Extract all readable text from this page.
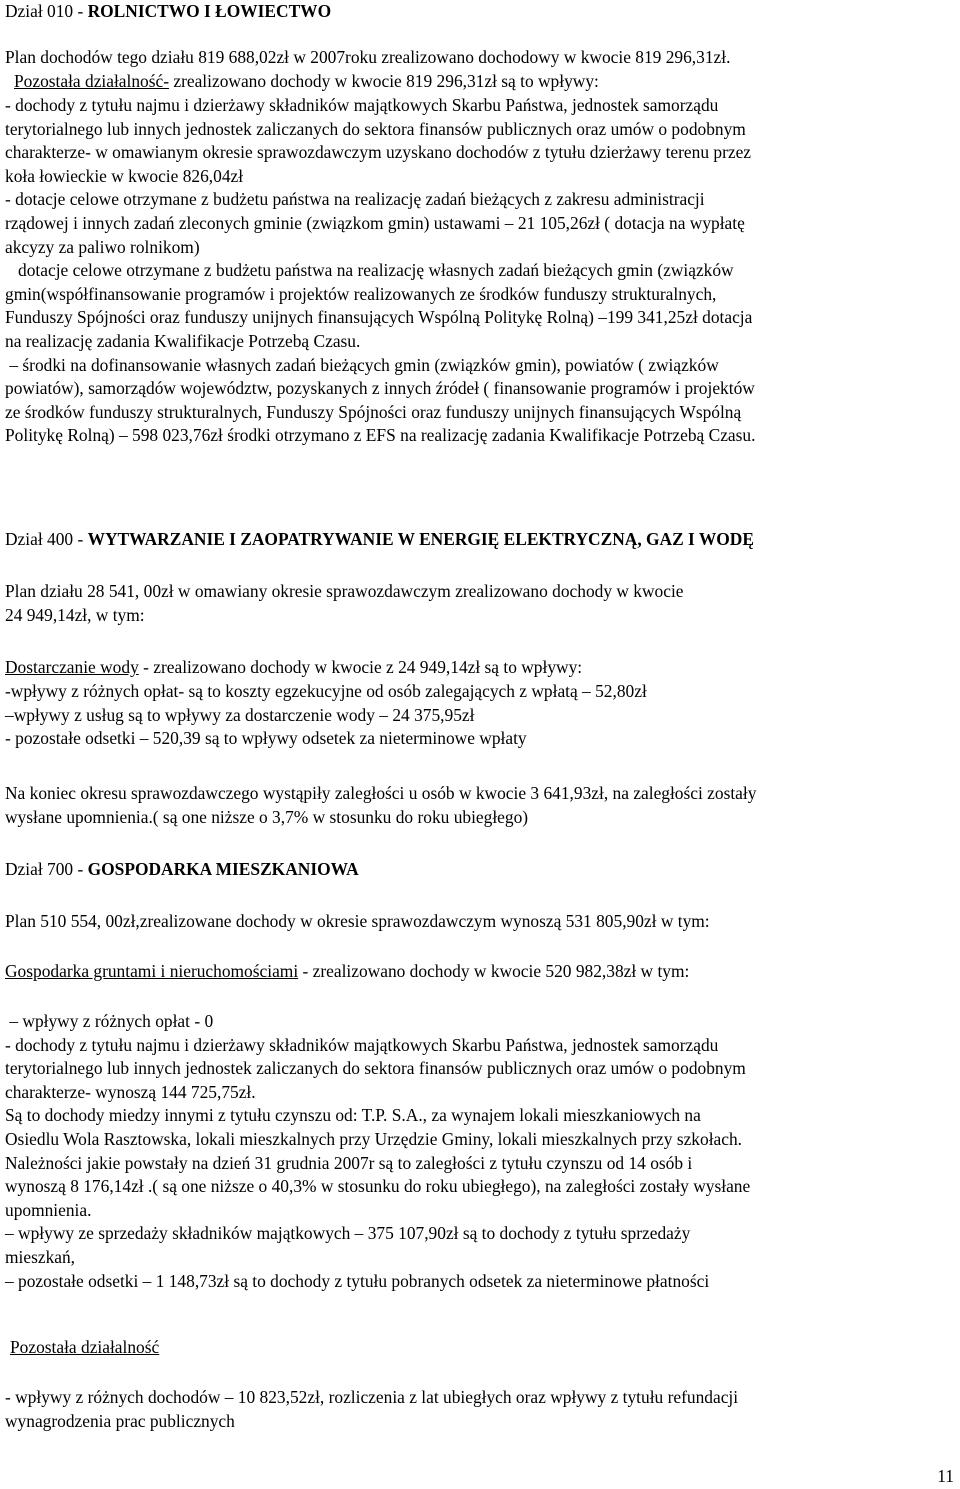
Dział 010 - ROLNICTWO I ŁOWIECTWO
Plan dochodów tego działu 819 688,02zł w 2007roku zrealizowano dochodowy w kwocie 819 296,31zł.
Pozostała działalność- zrealizowano dochody w kwocie 819 296,31zł są to wpływy:
- dochody z tytułu najmu i dzierżawy składników majątkowych Skarbu Państwa, jednostek samorządu
terytorialnego lub innych jednostek zaliczanych do sektora finansów publicznych oraz umów o podobnym
charakterze- w omawianym okresie sprawozdawczym uzyskano dochodów z tytułu dzierżawy terenu przez
koła łowieckie w kwocie 826,04zł
- dotacje celowe otrzymane z budżetu państwa na realizację zadań bieżących z zakresu administracji
rządowej i innych zadań zleconych gminie (związkom gmin) ustawami – 21 105,26zł ( dotacja na wypłatę
akcyzy za paliwo rolnikom)
dotacje celowe otrzymane z budżetu państwa na realizację własnych zadań bieżących gmin (związków
gmin(współfinansowanie programów i projektów realizowanych ze środków funduszy strukturalnych,
Funduszy Spójności oraz funduszy unijnych finansujących Wspólną Politykę Rolną) –199 341,25zł dotacja
na realizację zadania Kwalifikacje Potrzebą Czasu.
– środki na dofinansowanie własnych zadań bieżących gmin (związków gmin), powiatów ( związków
powiatów), samorządów województw, pozyskanych z innych źródeł ( finansowanie programów i projektów
ze środków funduszy strukturalnych, Funduszy Spójności oraz funduszy unijnych finansujących Wspólną
Politykę Rolną) – 598 023,76zł środki otrzymano z EFS na realizację zadania Kwalifikacje Potrzebą Czasu.
Dział 400 - WYTWARZANIE I ZAOPATRYWANIE W ENERGIĘ ELEKTRYCZNĄ, GAZ I WODĘ
Plan działu 28 541, 00zł w omawiany okresie sprawozdawczym zrealizowano dochody w kwocie
24 949,14zł, w tym:
Dostarczanie wody - zrealizowano dochody w kwocie z 24 949,14zł są to wpływy:
-wpływy z różnych opłat- są to koszty egzekucyjne od osób zalegających z wpłatą – 52,80zł
–wpływy z usług są to wpływy za dostarczenie wody – 24 375,95zł
- pozostałe odsetki – 520,39 są to wpływy odsetek za nieterminowe wpłaty
Na koniec okresu sprawozdawczego wystąpiły zaległości u osób w kwocie 3 641,93zł, na zaległości zostały
wysłane upomnienia.( są one niższe o 3,7% w stosunku do roku ubiegłego)
Dział 700 - GOSPODARKA MIESZKANIOWA
Plan 510 554, 00zł,zrealizowane dochody w okresie sprawozdawczym wynoszą 531 805,90zł w tym:
Gospodarka gruntami i nieruchomościami - zrealizowano dochody w kwocie 520 982,38zł w tym:
– wpływy z różnych opłat - 0
- dochody z tytułu najmu i dzierżawy składników majątkowych Skarbu Państwa, jednostek samorządu
terytorialnego lub innych jednostek zaliczanych do sektora finansów publicznych oraz umów o podobnym
charakterze- wynoszą 144 725,75zł.
Są to dochody miedzy innymi z tytułu czynszu od: T.P. S.A., za wynajem lokali mieszkaniowych na
Osiedlu Wola Rasztowska, lokali mieszkalnych przy Urzędzie Gminy, lokali mieszkalnych przy szkołach.
Należności jakie powstały na dzień 31 grudnia 2007r są to zaległości z tytułu czynszu od 14 osób i
wynoszą 8 176,14zł .( są one niższe o 40,3% w stosunku do roku ubiegłego), na zaległości zostały wysłane
upomnienia.
– wpływy ze sprzedaży składników majątkowych – 375 107,90zł są to dochody z tytułu sprzedaży
mieszkań,
– pozostałe odsetki – 1 148,73zł są to dochody z tytułu pobranych odsetek za nieterminowe płatności
Pozostała działalność
- wpływy z różnych dochodów – 10 823,52zł, rozliczenia z lat ubiegłych oraz wpływy z tytułu refundacji
wynagrodzenia prac publicznych
11
